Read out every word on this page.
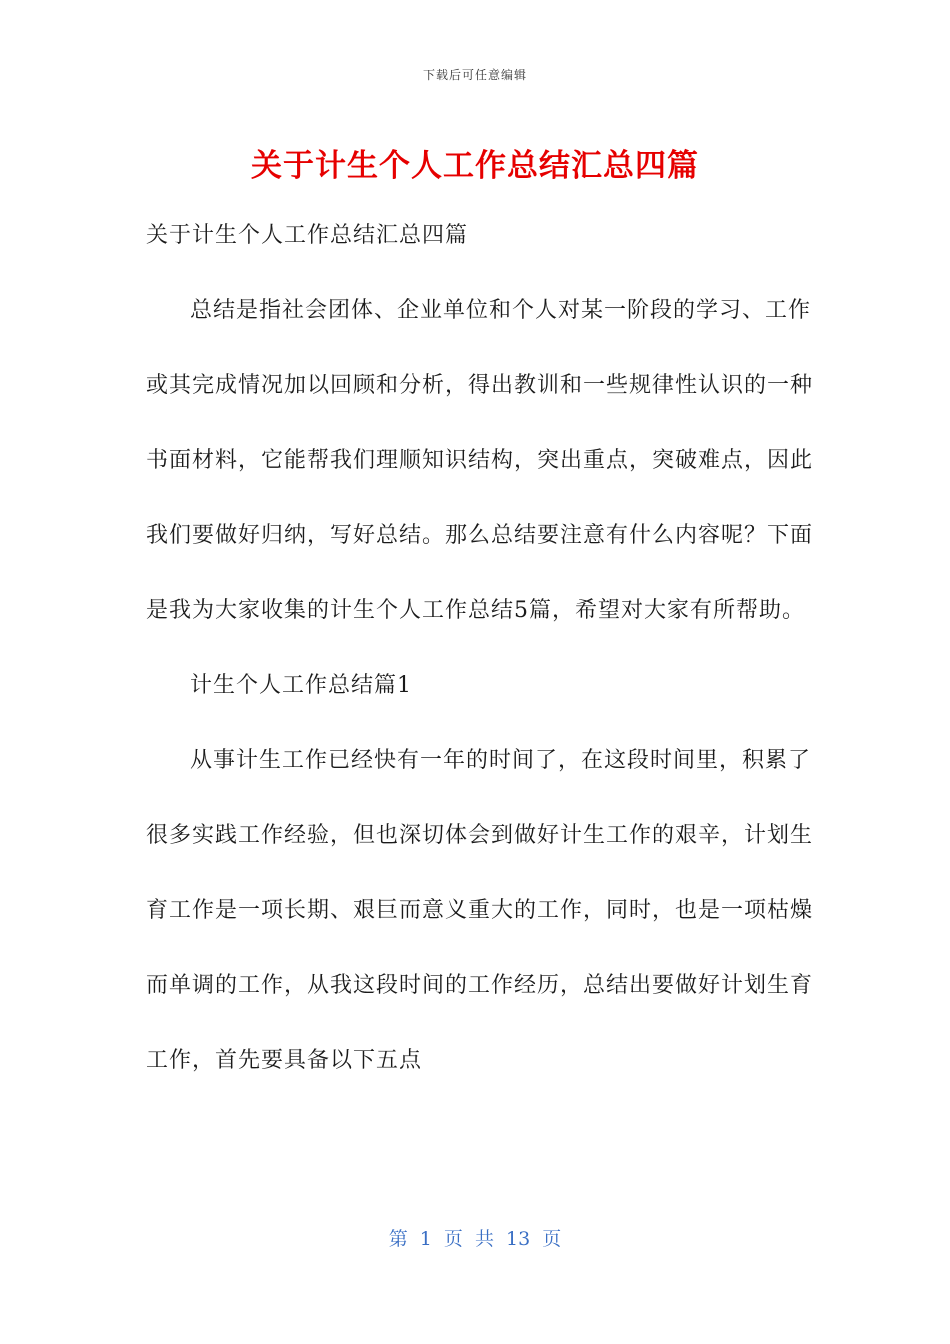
下载后可任意编辑
关于计生个人工作总结汇总四篇

关于计生个人工作总结汇总四篇

总结是指社会团体、企业单位和个人对某一阶段的学习、工作或其完成情况加以回顾和分析，得出教训和一些规律性认识的一种书面材料，它能帮我们理顺知识结构，突出重点，突破难点，因此我们要做好归纳，写好总结。那么总结要注意有什么内容呢？下面是我为大家收集的计生个人工作总结5篇，希望对大家有所帮助。

计生个人工作总结篇1

从事计生工作已经快有一年的时间了，在这段时间里，积累了很多实践工作经验，但也深切体会到做好计生工作的艰辛，计划生育工作是一项长期、艰巨而意义重大的工作，同时，也是一项枯燥而单调的工作，从我这段时间的工作经历，总结出要做好计划生育工作，首先要具备以下五点

第 1 页 共 13 页
